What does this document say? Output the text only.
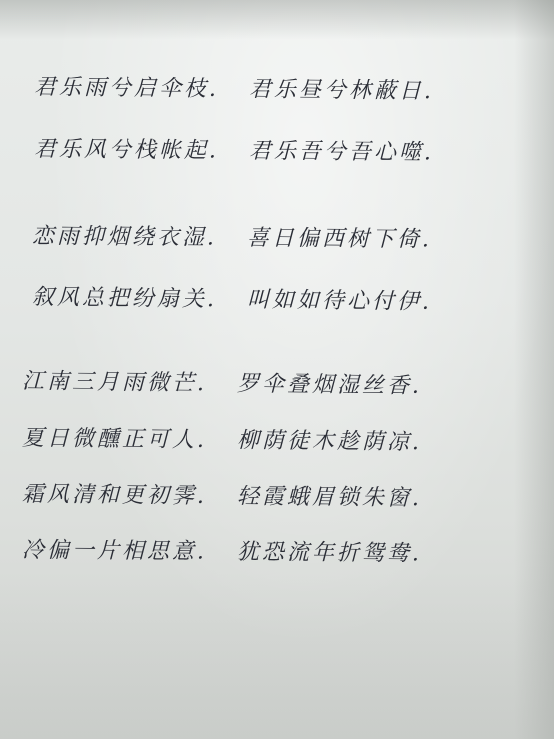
君乐雨兮启伞枝. 君乐昼兮林蔽日.
君乐风兮栈帐起. 君乐吾兮吾心噬.
恋雨抑烟绕衣湿. 喜日偏西树下倚.
叙风总把纷扇关. 叫如如待心付伊.
江南三月雨微芒. 罗伞叠烟湿丝香.
夏日微醺正可人. 柳荫徒木趁荫凉.
霜风清和更初霁. 轻霞蛾眉锁朱窗.
冷偏一片相思意. 犹恐流年折鸳鸯.
